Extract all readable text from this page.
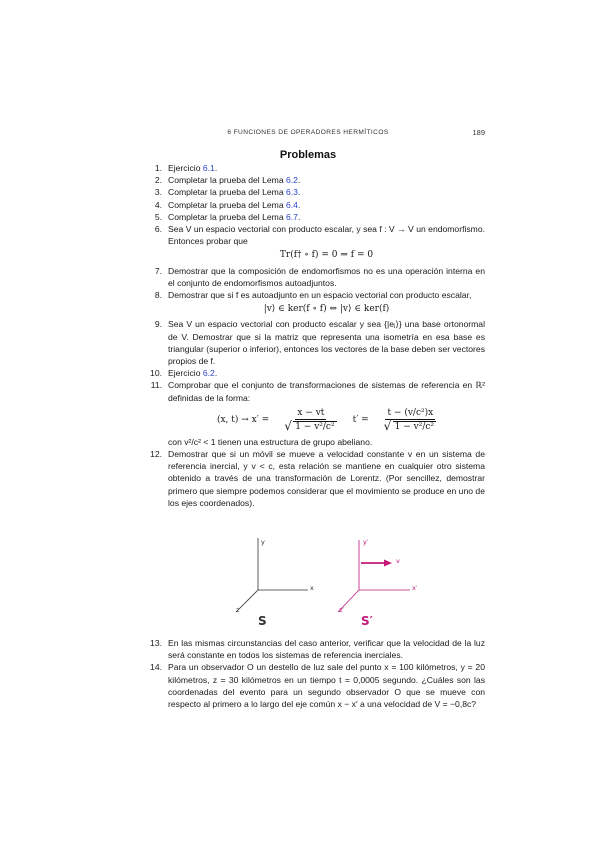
6 FUNCIONES DE OPERADORES HERMÍTICOS	189
Problemas
1. Ejercicio 6.1.
2. Completar la prueba del Lema 6.2.
3. Completar la prueba del Lema 6.3.
4. Completar la prueba del Lema 6.4.
5. Completar la prueba del Lema 6.7.
6. Sea V un espacio vectorial con producto escalar, y sea f : V → V un endomorfismo. Entonces probar que
Tr(f† ∘ f) = 0 ⇒ f = 0
7. Demostrar que la composición de endomorfismos no es una operación interna en el conjunto de endomorfismos autoadjuntos.
8. Demostrar que si f es autoadjunto en un espacio vectorial con producto escalar,
|v⟩ ∈ ker(f ∘ f) ⇔ |v⟩ ∈ ker(f)
9. Sea V un espacio vectorial con producto escalar y sea {|eⱼ⟩} una base ortonormal de V. Demostrar que si la matriz que representa una isometría en esa base es triangular (superior o inferior), entonces los vectores de la base deben ser vectores propios de f.
10. Ejercicio 6.2.
11. Comprobar que el conjunto de transformaciones de sistemas de referencia en ℝ² definidas de la forma:
(x, t) → x′ = x − vt
√ 1 − v²/c² t′ = t − (v/c²)x
√ 1 − v²/c²
con v²/c² < 1 tienen una estructura de grupo abeliano.
12. Demostrar que si un móvil se mueve a velocidad constante v en un sistema de referencia inercial, y v < c, esta relación se mantiene en cualquier otro sistema obtenido a través de una transformación de Lorentz. (Por sencillez, demostrar primero que siempre podemos considerar que el movimiento se produce en uno de los ejes coordenados).
y
x
z
S
y′
x′
z′
v
S′
13. En las mismas circunstancias del caso anterior, verificar que la velocidad de la luz será constante en todos los sistemas de referencia inerciales.
14. Para un observador O un destello de luz sale del punto x = 100 kilómetros, y = 20 kilómetros, z = 30 kilómetros en un tiempo t = 0,0005 segundo. ¿Cuáles son las coordenadas del evento para un segundo observador O que se mueve con respecto al primero a lo largo del eje común x − x′ a una velocidad de V = −0,8c?
